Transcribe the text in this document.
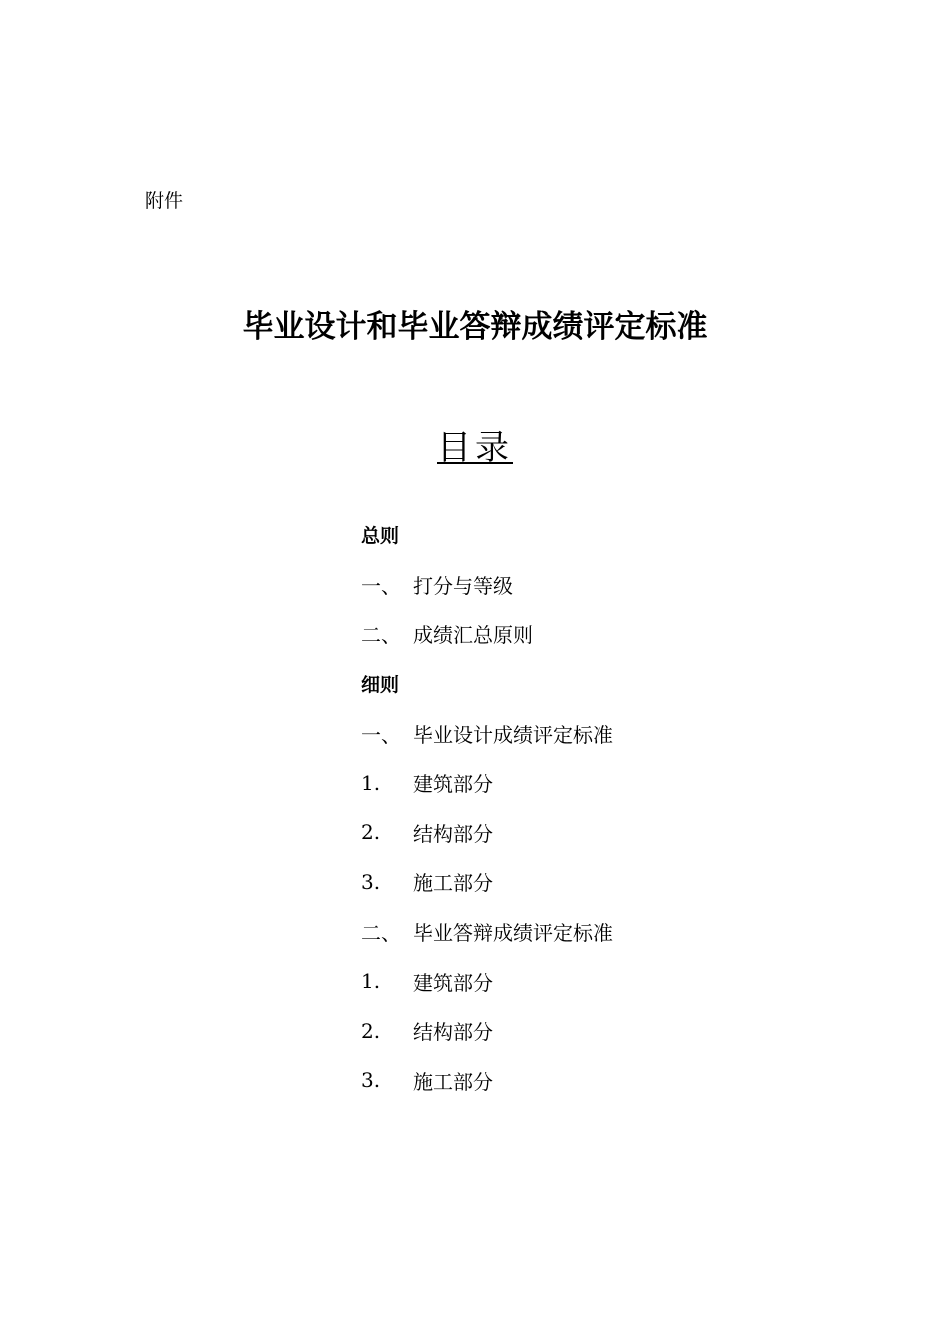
附件
毕业设计和毕业答辩成绩评定标准
目录
总则
一、 打分与等级
二、 成绩汇总原则
细则
一、 毕业设计成绩评定标准
1.	建筑部分
2.	结构部分
3.	施工部分
二、 毕业答辩成绩评定标准
1.	建筑部分
2.	结构部分
3.	施工部分
